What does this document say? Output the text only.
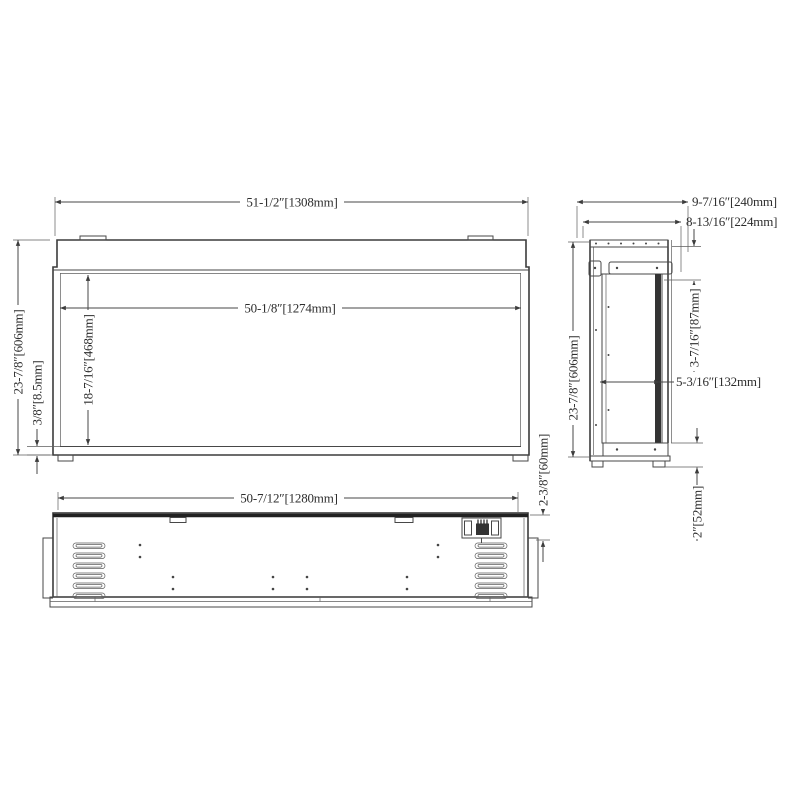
51-1/2″[1308mm]
50-1/8″[1274mm]
18-7/16″[468mm]
23-7/8″[606mm] 3/8″[8.5mm]
9-7/16″[240mm]
8-13/16″[224mm]
23-7/8″[606mm]
3-7/16″[87mm]
5-3/16″[132mm]
2″[52mm]
50-7/12″[1280mm]	2-3/8″[60mm]
